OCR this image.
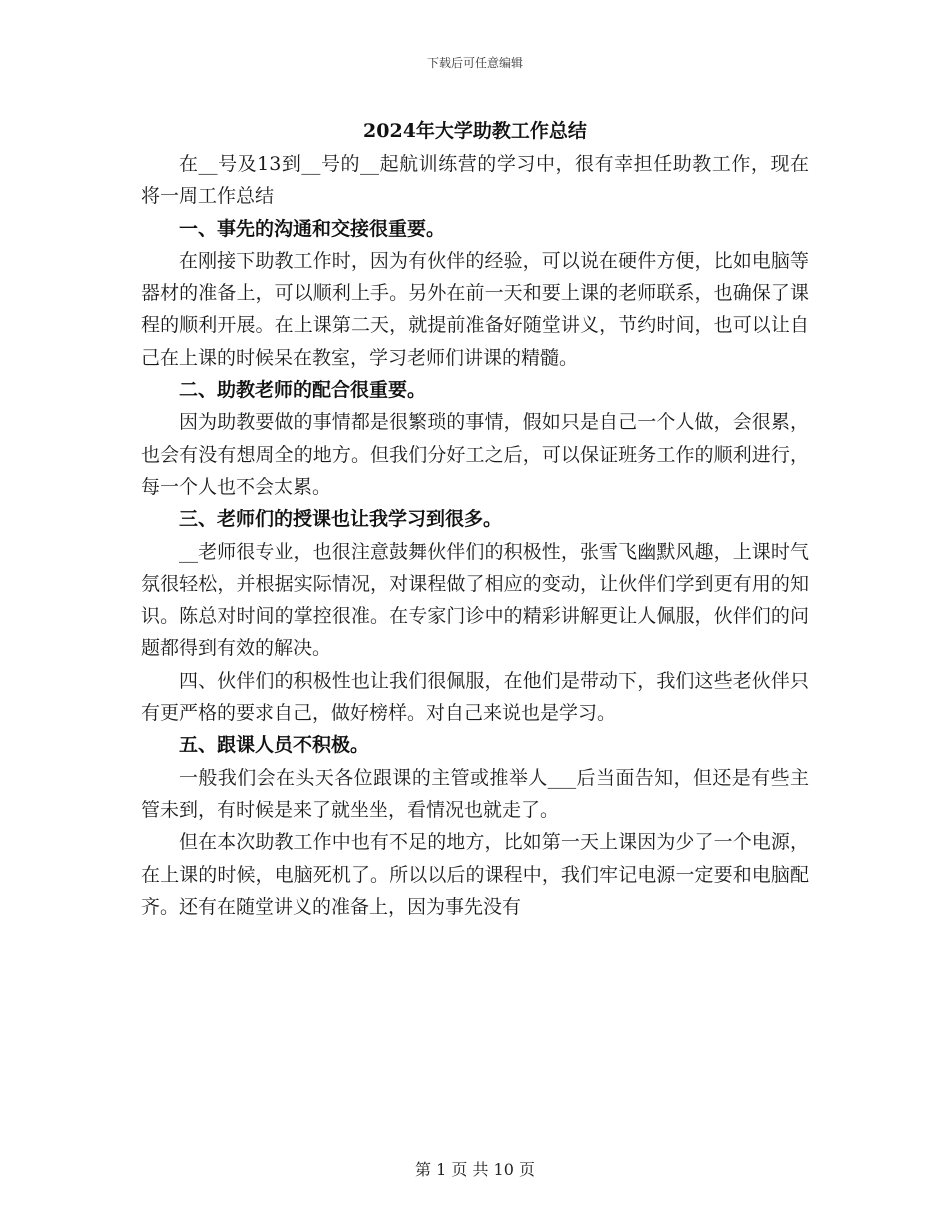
下载后可任意编辑
2024年大学助教工作总结

在__号及13到__号的__起航训练营的学习中，很有幸担任助教工作，现在将一周工作总结

一、事先的沟通和交接很重要。

在刚接下助教工作时，因为有伙伴的经验，可以说在硬件方便，比如电脑等器材的准备上，可以顺利上手。另外在前一天和要上课的老师联系，也确保了课程的顺利开展。在上课第二天，就提前准备好随堂讲义，节约时间，也可以让自己在上课的时候呆在教室，学习老师们讲课的精髓。

二、助教老师的配合很重要。

因为助教要做的事情都是很繁琐的事情，假如只是自己一个人做，会很累，也会有没有想周全的地方。但我们分好工之后，可以保证班务工作的顺利进行，每一个人也不会太累。

三、老师们的授课也让我学习到很多。

__老师很专业，也很注意鼓舞伙伴们的积极性，张雪飞幽默风趣，上课时气氛很轻松，并根据实际情况，对课程做了相应的变动，让伙伴们学到更有用的知识。陈总对时间的掌控很准。在专家门诊中的精彩讲解更让人佩服，伙伴们的问题都得到有效的解决。

四、伙伴们的积极性也让我们很佩服，在他们是带动下，我们这些老伙伴只有更严格的要求自己，做好榜样。对自己来说也是学习。

五、跟课人员不积极。

一般我们会在头天各位跟课的主管或推举人___后当面告知，但还是有些主管未到，有时候是来了就坐坐，看情况也就走了。

但在本次助教工作中也有不足的地方，比如第一天上课因为少了一个电源，在上课的时候，电脑死机了。所以以后的课程中，我们牢记电源一定要和电脑配齐。还有在随堂讲义的准备上，因为事先没有

第 1 页 共 10 页
